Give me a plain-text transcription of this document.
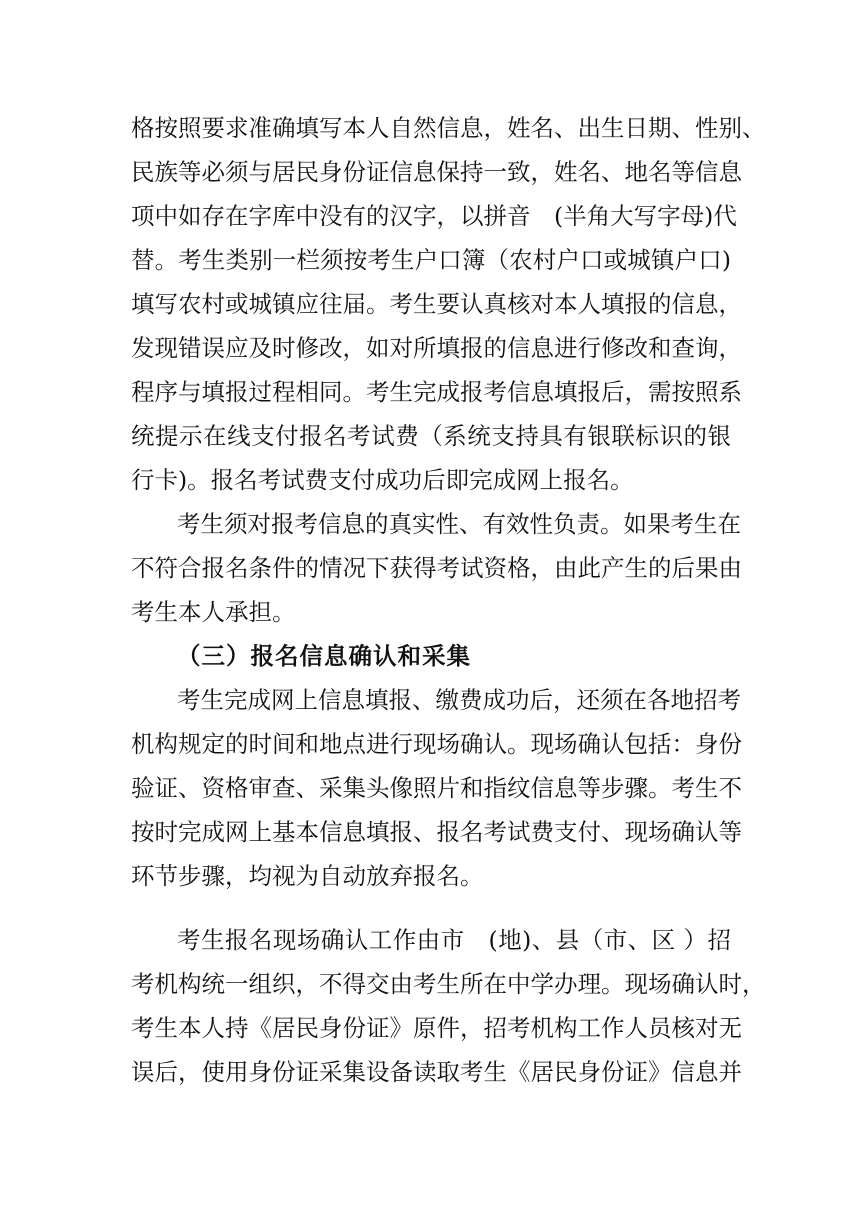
格按照要求准确填写本人自然信息，姓名、出生日期、性别、
民族等必须与居民身份证信息保持一致，姓名、地名等信息
项中如存在字库中没有的汉字，以拼音　(半角大写字母)代
替。考生类别一栏须按考生户口簿（农村户口或城镇户口)
填写农村或城镇应往届。考生要认真核对本人填报的信息，
发现错误应及时修改，如对所填报的信息进行修改和查询，
程序与填报过程相同。考生完成报考信息填报后，需按照系
统提示在线支付报名考试费（系统支持具有银联标识的银
行卡)。报名考试费支付成功后即完成网上报名。
考生须对报考信息的真实性、有效性负责。如果考生在
不符合报名条件的情况下获得考试资格，由此产生的后果由
考生本人承担。
（三）报名信息确认和采集
考生完成网上信息填报、缴费成功后，还须在各地招考
机构规定的时间和地点进行现场确认。现场确认包括：身份
验证、资格审查、采集头像照片和指纹信息等步骤。考生不
按时完成网上基本信息填报、报名考试费支付、现场确认等
环节步骤，均视为自动放弃报名。
考生报名现场确认工作由市　(地)、县（市、区 ）招
考机构统一组织，不得交由考生所在中学办理。现场确认时，
考生本人持《居民身份证》原件，招考机构工作人员核对无
误后，使用身份证采集设备读取考生《居民身份证》信息并
